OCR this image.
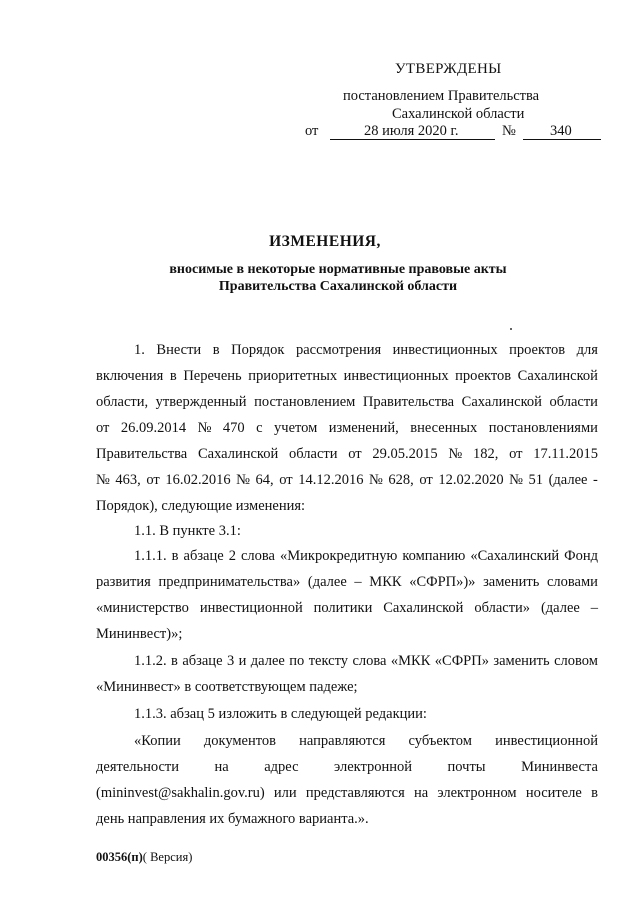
УТВЕРЖДЕНЫ
постановлением Правительства
Сахалинской области
от	28 июля 2020 г.	№ 340
ИЗМЕНЕНИЯ,
вносимые в некоторые нормативные правовые акты
Правительства Сахалинской области
1. Внести в Порядок рассмотрения инвестиционных проектов для
включения в Перечень приоритетных инвестиционных проектов Сахалинской
области, утвержденный постановлением Правительства Сахалинской области
от 26.09.2014 № 470 с учетом изменений, внесенных постановлениями
Правительства Сахалинской области от 29.05.2015 № 182, от 17.11.2015
№ 463, от 16.02.2016 № 64, от 14.12.2016 № 628, от 12.02.2020 № 51 (далее -
Порядок), следующие изменения:
1.1. В пункте 3.1:
1.1.1. в абзаце 2 слова «Микрокредитную компанию «Сахалинский Фонд
развития предпринимательства» (далее – МКК «СФРП»)» заменить словами
«министерство инвестиционной политики Сахалинской области» (далее –
Мининвест)»;
1.1.2. в абзаце 3 и далее по тексту слова «МКК «СФРП» заменить словом
«Мининвест» в соответствующем падеже;
1.1.3. абзац 5 изложить в следующей редакции:
«Копии документов направляются субъектом инвестиционной
деятельности на адрес электронной почты Мининвеста
(mininvest@sakhalin.gov.ru) или представляются на электронном носителе в
день направления их бумажного варианта.».
00356(п)( Версия)
